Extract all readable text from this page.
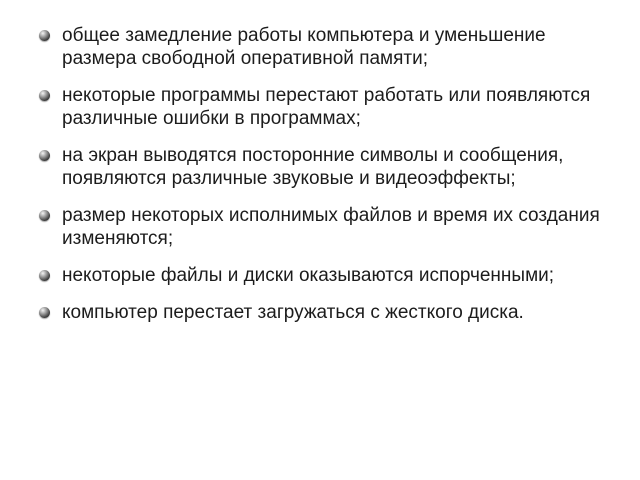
общее замедление работы компьютера и уменьшение размера свободной оперативной памяти;
некоторые программы перестают работать или появляются различные ошибки в программах;
на экран выводятся посторонние символы и сообщения, появляются различные звуковые и видеоэффекты;
размер некоторых исполнимых файлов и время их создания изменяются;
некоторые файлы и диски оказываются испорченными;
компьютер перестает загружаться с жесткого диска.
